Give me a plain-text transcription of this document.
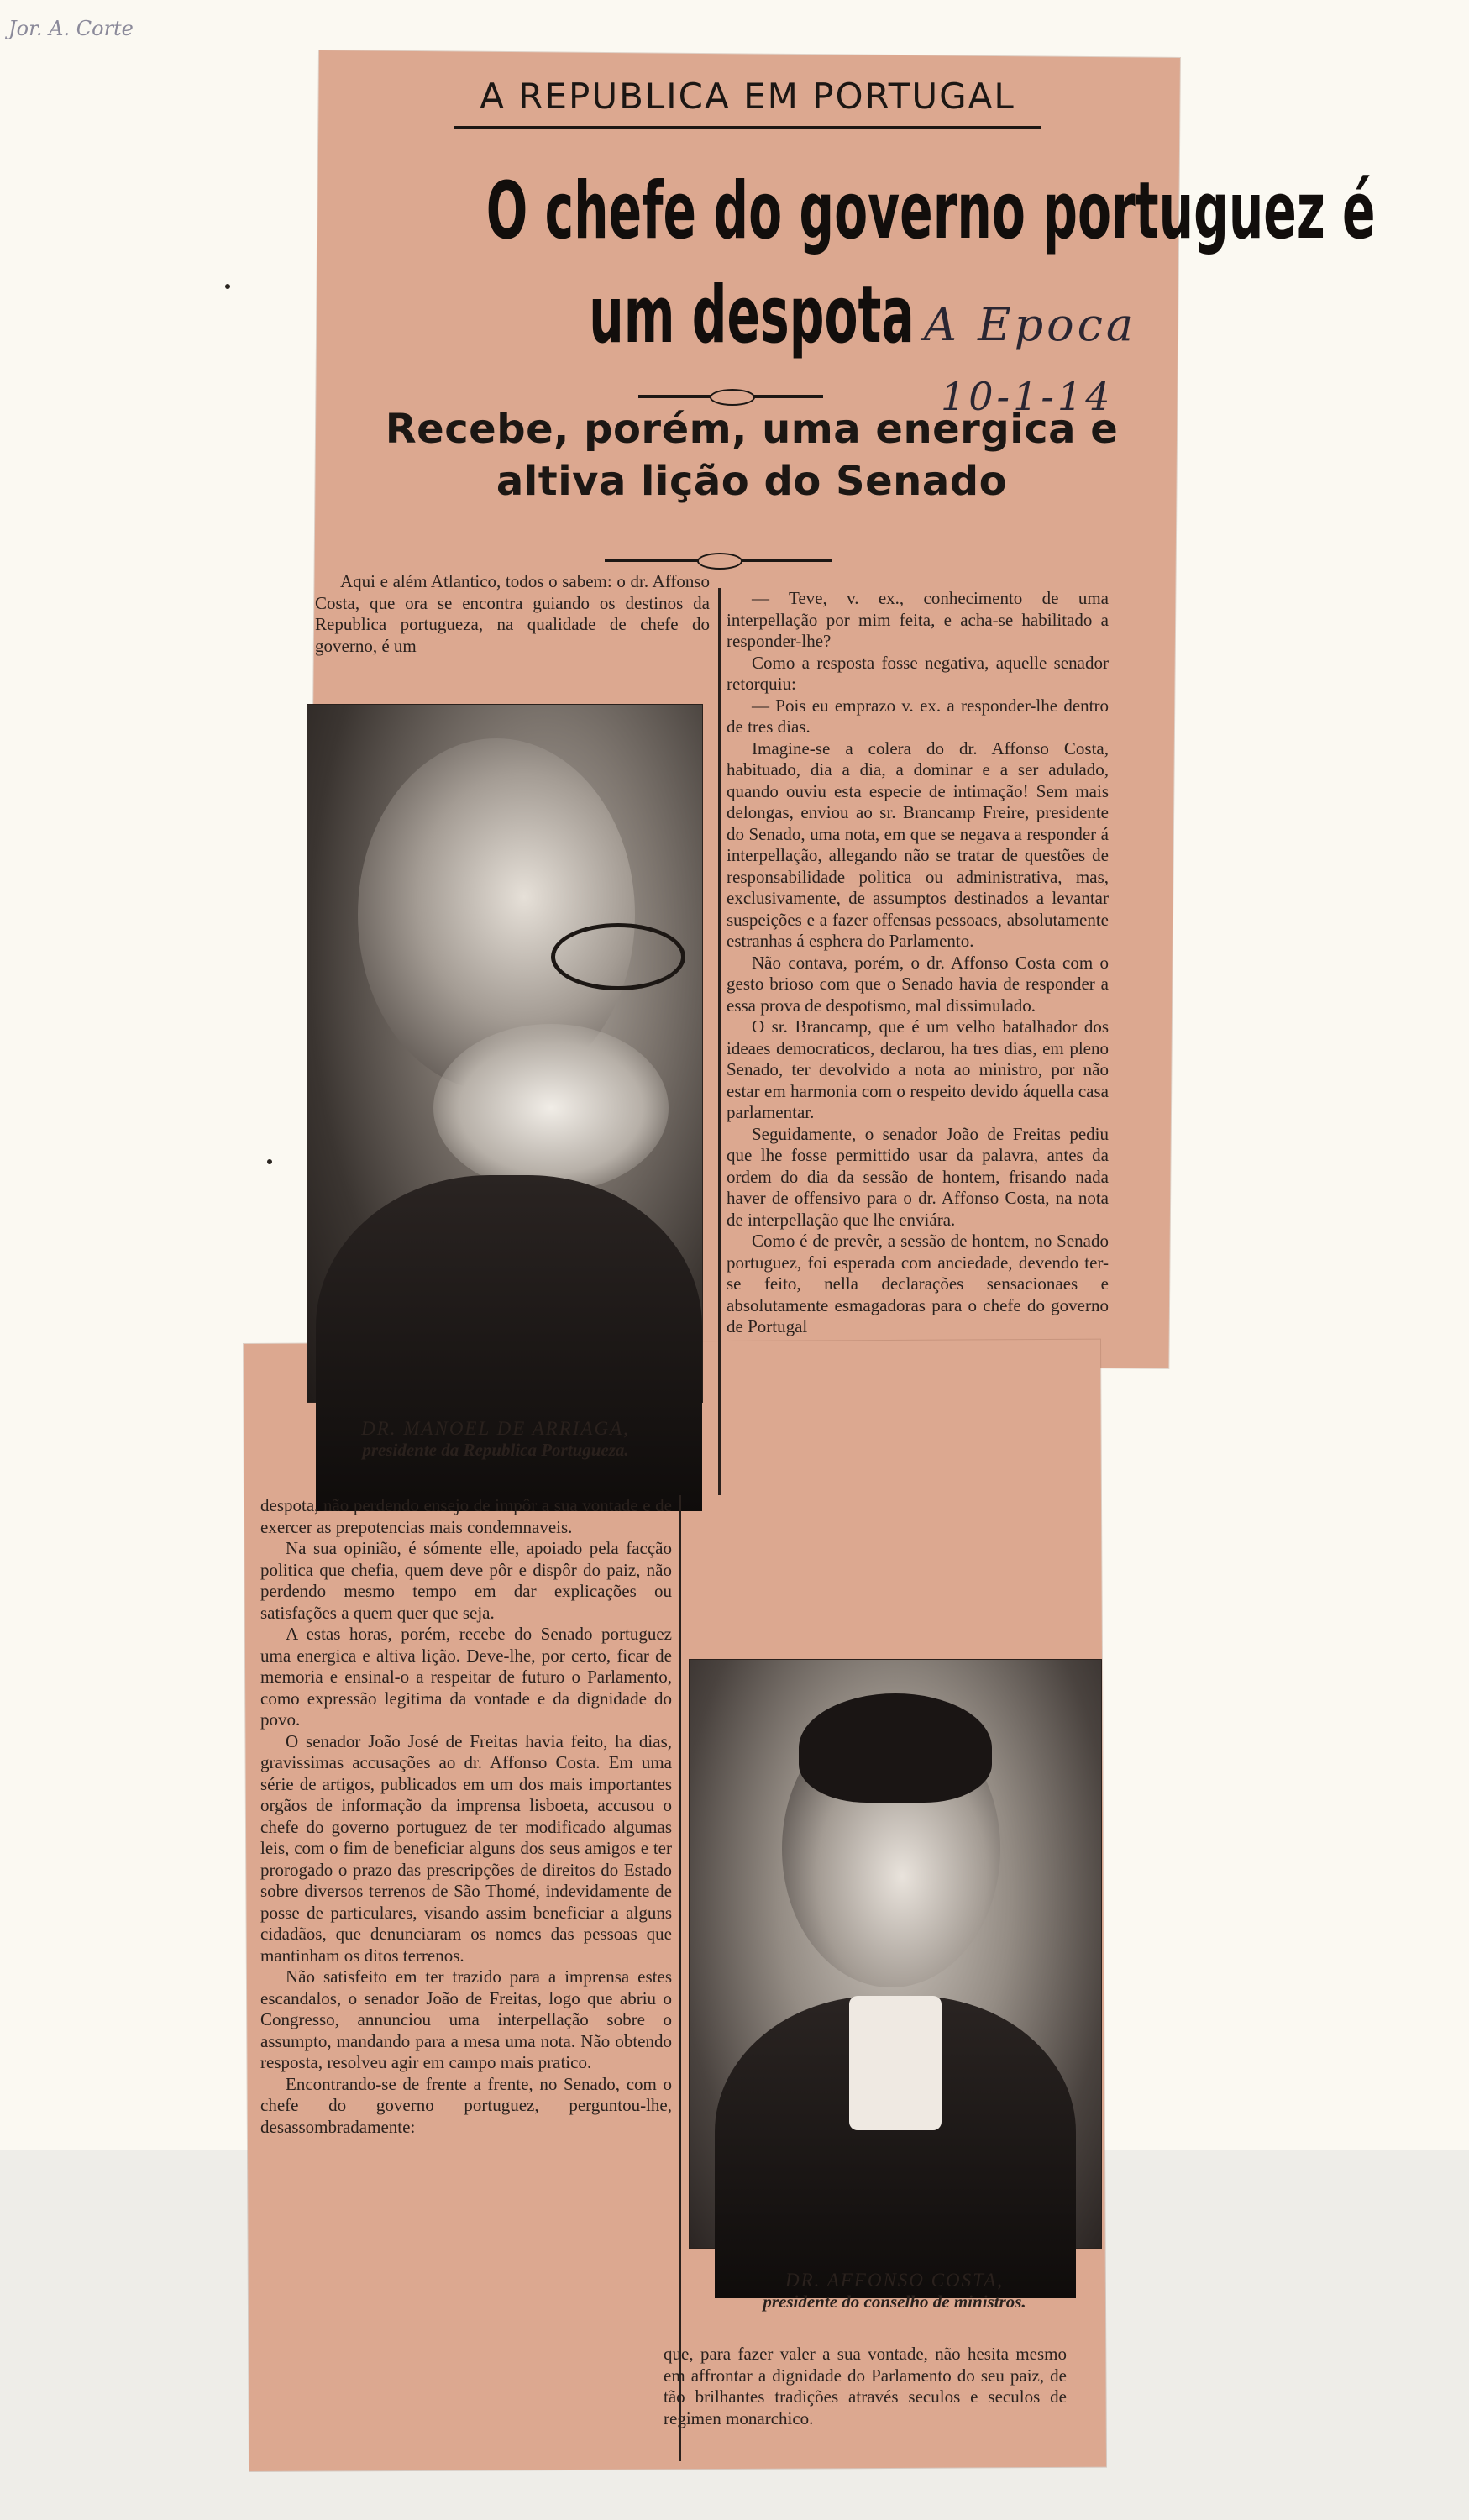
Jor. A. Corte
A REPUBLICA EM PORTUGAL
O chefe do governo portuguez é
um despota A Epoca
10-1-14
Recebe, porém, uma energica e
altiva lição do Senado

Aqui e além Atlantico, todos o sabem: o dr. Affonso Costa, que ora se encontra guiando os destinos da Republica portugueza, na qualidade de chefe do governo, é um

DR. MANOEL DE ARRIAGA,
presidente da Republica Portugueza.

despota, não perdendo ensejo de impôr a sua vontade e de exercer as prepotencias mais condemnaveis.

Na sua opinião, é sómente elle, apoiado pela facção politica que chefia, quem deve pôr e dispôr do paiz, não perdendo mesmo tempo em dar explicações ou satisfações a quem quer que seja.

A estas horas, porém, recebe do Senado portuguez uma energica e altiva lição. Deve-lhe, por certo, ficar de memoria e ensinal-o a respeitar de futuro o Parlamento, como expressão legitima da vontade e da dignidade do povo.

O senador João José de Freitas havia feito, ha dias, gravissimas accusações ao dr. Affonso Costa. Em uma série de artigos, publicados em um dos mais importantes orgãos de informação da imprensa lisboeta, accusou o chefe do governo portuguez de ter modificado algumas leis, com o fim de beneficiar alguns dos seus amigos e ter prorogado o prazo das prescripções de direitos do Estado sobre diversos terrenos de São Thomé, indevidamente de posse de particulares, visando assim beneficiar a alguns cidadãos, que denunciaram os nomes das pessoas que mantinham os ditos terrenos.

Não satisfeito em ter trazido para a imprensa estes escandalos, o senador João de Freitas, logo que abriu o Congresso, annunciou uma interpellação sobre o assumpto, mandando para a mesa uma nota. Não obtendo resposta, resolveu agir em campo mais pratico.

Encontrando-se de frente a frente, no Senado, com o chefe do governo portuguez, perguntou-lhe, desassombradamente:

— Teve, v. ex., conhecimento de uma interpellação por mim feita, e acha-se habilitado a responder-lhe?

Como a resposta fosse negativa, aquelle senador retorquiu:

— Pois eu emprazo v. ex. a responder-lhe dentro de tres dias.

Imagine-se a colera do dr. Affonso Costa, habituado, dia a dia, a dominar e a ser adulado, quando ouviu esta especie de intimação! Sem mais delongas, enviou ao sr. Brancamp Freire, presidente do Senado, uma nota, em que se negava a responder á interpellação, allegando não se tratar de questões de responsabilidade politica ou administrativa, mas, exclusivamente, de assumptos destinados a levantar suspeições e a fazer offensas pessoaes, absolutamente estranhas á esphera do Parlamento.

Não contava, porém, o dr. Affonso Costa com o gesto brioso com que o Senado havia de responder a essa prova de despotismo, mal dissimulado.

O sr. Brancamp, que é um velho batalhador dos ideaes democraticos, declarou, ha tres dias, em pleno Senado, ter devolvido a nota ao ministro, por não estar em harmonia com o respeito devido áquella casa parlamentar.

Seguidamente, o senador João de Freitas pediu que lhe fosse permittido usar da palavra, antes da ordem do dia da sessão de hontem, frisando nada haver de offensivo para o dr. Affonso Costa, na nota de interpellação que lhe enviára.

Como é de prevêr, a sessão de hontem, no Senado portuguez, foi esperada com anciedade, devendo ter-se feito, nella declarações sensacionaes e absolutamente esmagadoras para o chefe do governo de Portugal

DR. AFFONSO COSTA,
presidente do conselho de ministros.

que, para fazer valer a sua vontade, não hesita mesmo em affrontar a dignidade do Parlamento do seu paiz, de tão brilhantes tradições através seculos e seculos de regimen monarchico.
